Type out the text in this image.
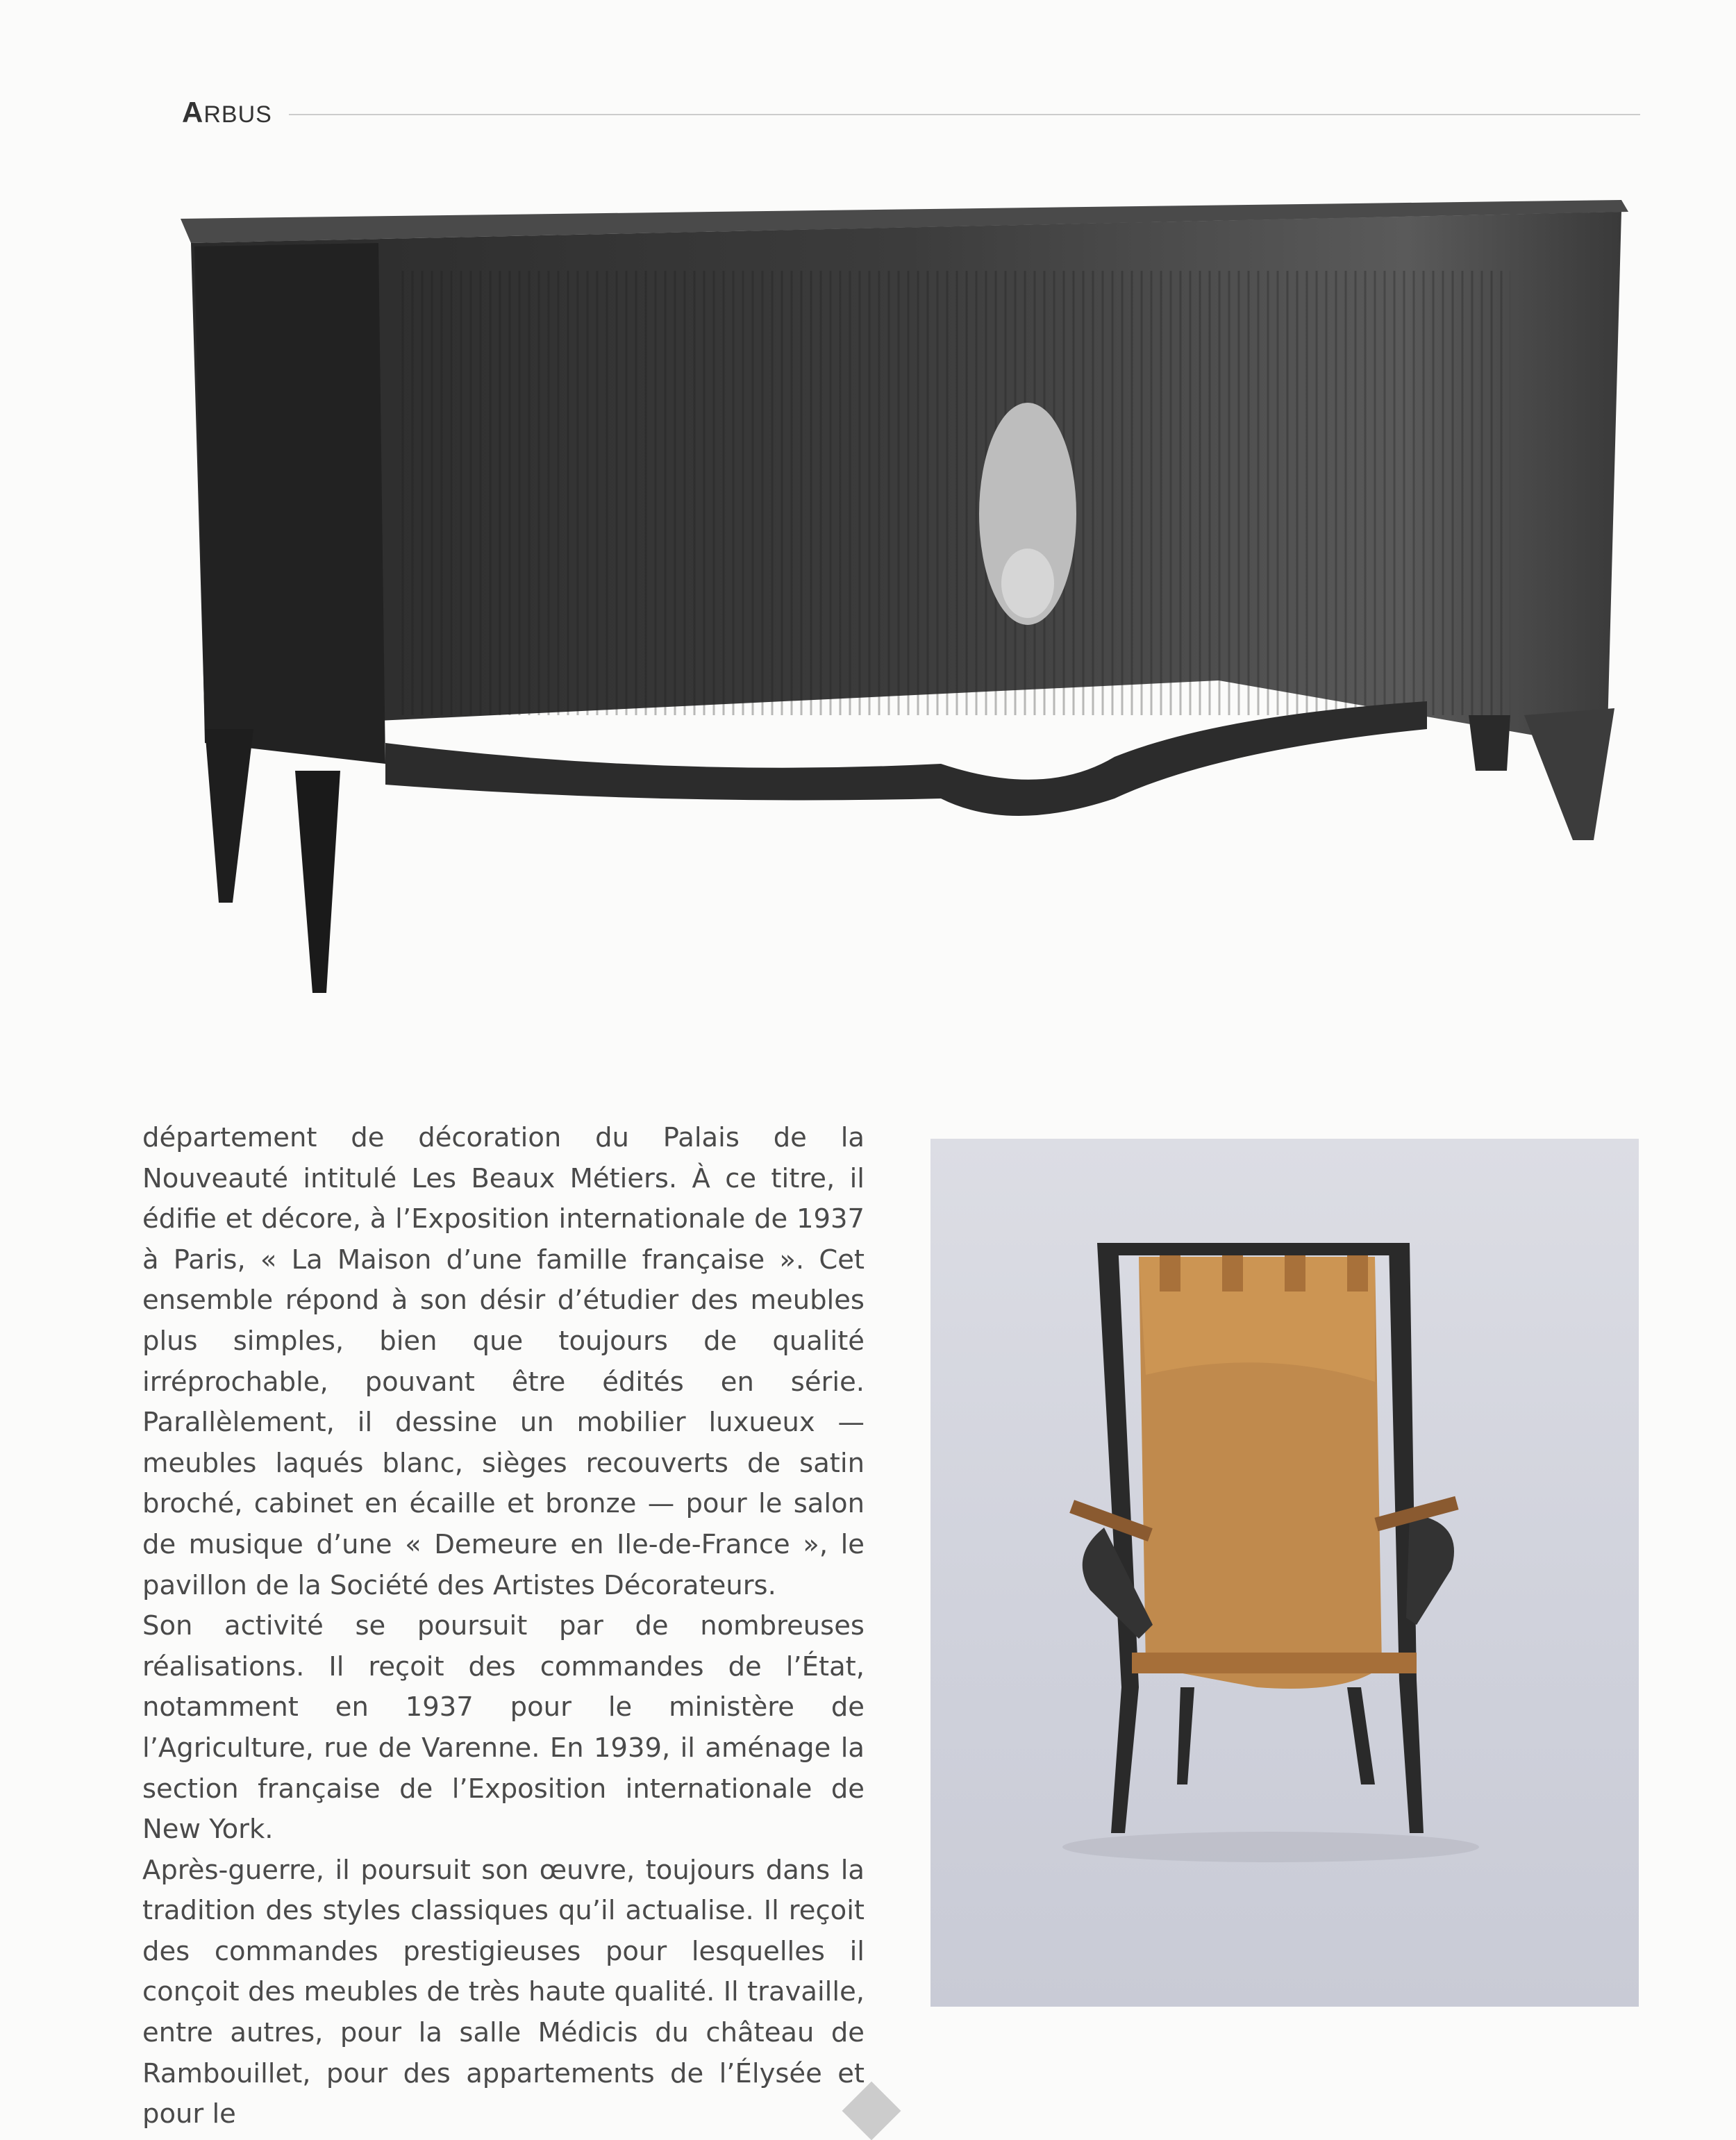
ARBUS

département de décoration du Palais de la Nouveauté intitulé Les Beaux Métiers. À ce titre, il édifie et décore, à l’Exposition internationale de 1937 à Paris, « La Maison d’une famille française ». Cet ensemble répond à son désir d’étudier des meubles plus simples, bien que toujours de qualité irréprochable, pouvant être édités en série. Parallèlement, il dessine un mobilier luxueux — meubles laqués blanc, sièges recouverts de satin broché, cabinet en écaille et bronze — pour le salon de musique d’une « Demeure en Ile-de-France », le pavillon de la Société des Artistes Décorateurs.

Son activité se poursuit par de nombreuses réalisations. Il reçoit des commandes de l’État, notamment en 1937 pour le ministère de l’Agriculture, rue de Varenne. En 1939, il aménage la section française de l’Exposition internationale de New York.

Après-guerre, il poursuit son œuvre, toujours dans la tradition des styles classiques qu’il actualise. Il reçoit des commandes prestigieuses pour lesquelles il conçoit des meubles de très haute qualité. Il travaille, entre autres, pour la salle Médicis du château de Rambouillet, pour des appartements de l’Élysée et pour le
